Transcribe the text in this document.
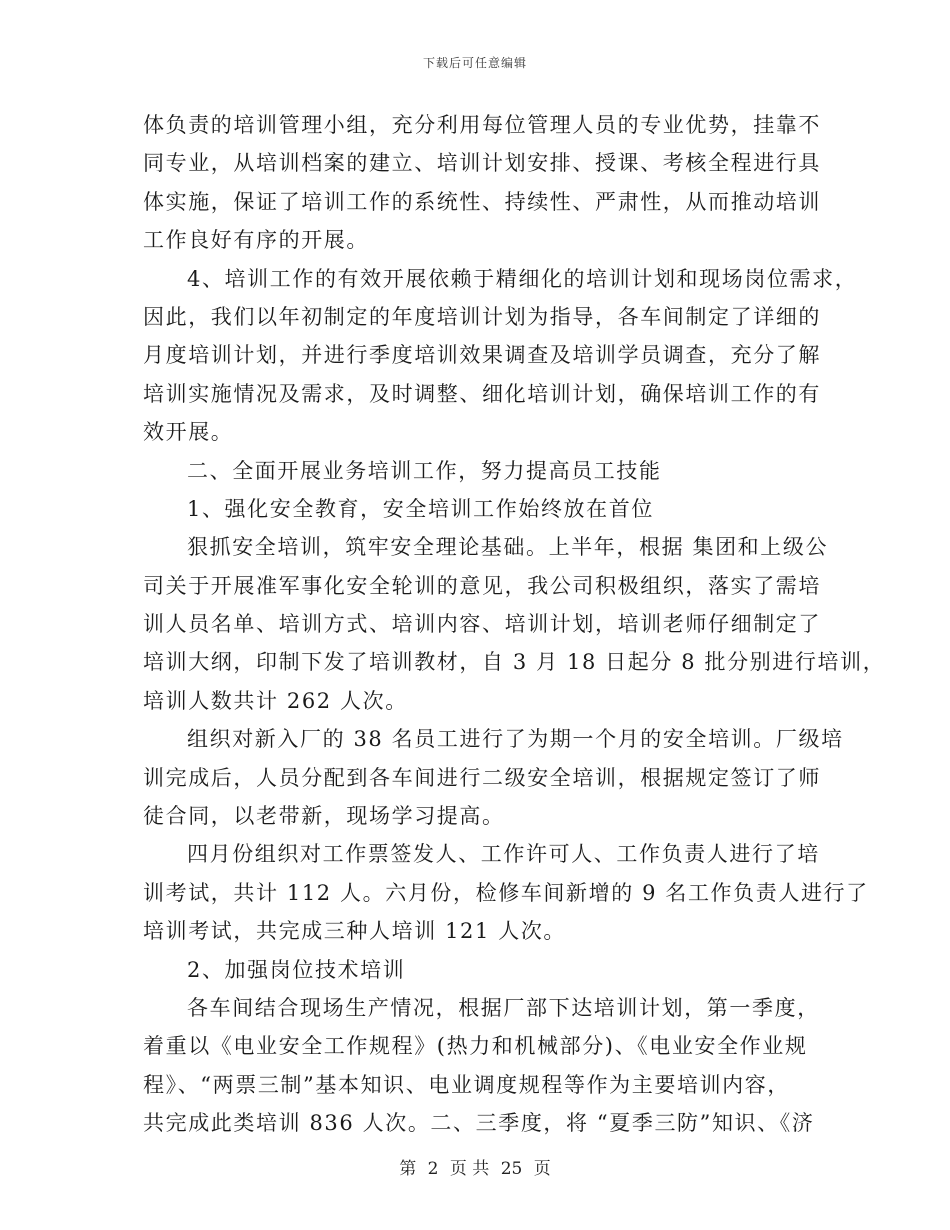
下载后可任意编辑
体负责的培训管理小组，充分利用每位管理人员的专业优势，挂靠不
同专业，从培训档案的建立、培训计划安排、授课、考核全程进行具
体实施，保证了培训工作的系统性、持续性、严肃性，从而推动培训
工作良好有序的开展。
4、培训工作的有效开展依赖于精细化的培训计划和现场岗位需求，
因此，我们以年初制定的年度培训计划为指导，各车间制定了详细的
月度培训计划，并进行季度培训效果调查及培训学员调查，充分了解
培训实施情况及需求，及时调整、细化培训计划，确保培训工作的有
效开展。
二、全面开展业务培训工作，努力提高员工技能
1、强化安全教育，安全培训工作始终放在首位
狠抓安全培训，筑牢安全理论基础。上半年，根据 集团和上级公
司关于开展准军事化安全轮训的意见，我公司积极组织，落实了需培
训人员名单、培训方式、培训内容、培训计划，培训老师仔细制定了
培训大纲，印制下发了培训教材，自 3 月 18 日起分 8 批分别进行培训，
培训人数共计 262 人次。
组织对新入厂的 38 名员工进行了为期一个月的安全培训。厂级培
训完成后，人员分配到各车间进行二级安全培训，根据规定签订了师
徒合同，以老带新，现场学习提高。
四月份组织对工作票签发人、工作许可人、工作负责人进行了培
训考试，共计 112 人。六月份，检修车间新增的 9 名工作负责人进行了
培训考试，共完成三种人培训 121 人次。
2、加强岗位技术培训
各车间结合现场生产情况，根据厂部下达培训计划，第一季度，
着重以《电业安全工作规程》(热力和机械部分)、《电业安全作业规
程》、“两票三制”基本知识、电业调度规程等作为主要培训内容，
共完成此类培训 836 人次。二、三季度，将 “夏季三防”知识、《济
第 2 页 共 25 页
